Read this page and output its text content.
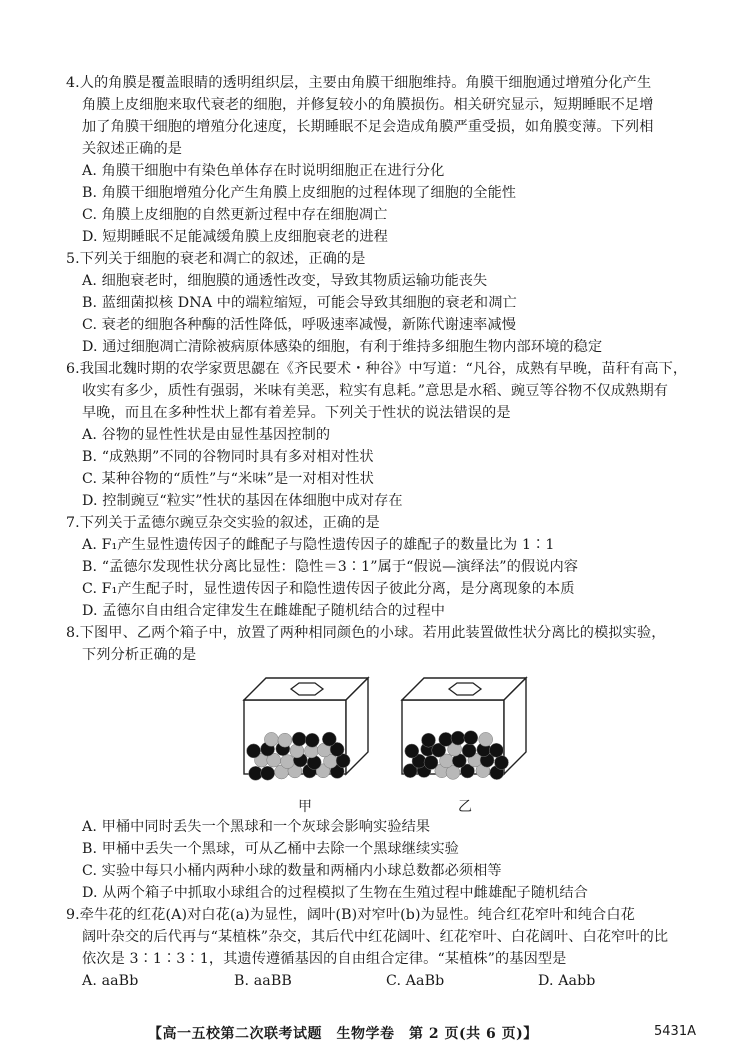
4.人的角膜是覆盖眼睛的透明组织层，主要由角膜干细胞维持。角膜干细胞通过增殖分化产生
角膜上皮细胞来取代衰老的细胞，并修复较小的角膜损伤。相关研究显示，短期睡眠不足增
加了角膜干细胞的增殖分化速度，长期睡眠不足会造成角膜严重受损，如角膜变薄。下列相
关叙述正确的是
A. 角膜干细胞中有染色单体存在时说明细胞正在进行分化
B. 角膜干细胞增殖分化产生角膜上皮细胞的过程体现了细胞的全能性
C. 角膜上皮细胞的自然更新过程中存在细胞凋亡
D. 短期睡眠不足能减缓角膜上皮细胞衰老的进程
5.下列关于细胞的衰老和凋亡的叙述，正确的是
A. 细胞衰老时，细胞膜的通透性改变，导致其物质运输功能丧失
B. 蓝细菌拟核 DNA 中的端粒缩短，可能会导致其细胞的衰老和凋亡
C. 衰老的细胞各种酶的活性降低，呼吸速率减慢，新陈代谢速率减慢
D. 通过细胞凋亡清除被病原体感染的细胞，有利于维持多细胞生物内部环境的稳定
6.我国北魏时期的农学家贾思勰在《齐民要术・种谷》中写道：“凡谷，成熟有早晚，苗秆有高下，
收实有多少，质性有强弱，米味有美恶，粒实有息耗。”意思是水稻、豌豆等谷物不仅成熟期有
早晚，而且在多种性状上都有着差异。下列关于性状的说法错误的是
A. 谷物的显性性状是由显性基因控制的
B. “成熟期”不同的谷物同时具有多对相对性状
C. 某种谷物的“质性”与“米味”是一对相对性状
D. 控制豌豆“粒实”性状的基因在体细胞中成对存在
7.下列关于孟德尔豌豆杂交实验的叙述，正确的是
A. F₁产生显性遗传因子的雌配子与隐性遗传因子的雄配子的数量比为 1∶1
B. “孟德尔发现性状分离比显性：隐性＝3∶1”属于“假说—演绎法”的假说内容
C. F₁产生配子时，显性遗传因子和隐性遗传因子彼此分离，是分离现象的本质
D. 孟德尔自由组合定律发生在雌雄配子随机结合的过程中
8.下图甲、乙两个箱子中，放置了两种相同颜色的小球。若用此装置做性状分离比的模拟实验，
下列分析正确的是
甲	乙
A. 甲桶中同时丢失一个黑球和一个灰球会影响实验结果
B. 甲桶中丢失一个黑球，可从乙桶中去除一个黑球继续实验
C. 实验中每只小桶内两种小球的数量和两桶内小球总数都必须相等
D. 从两个箱子中抓取小球组合的过程模拟了生物在生殖过程中雌雄配子随机结合
9.牵牛花的红花(A)对白花(a)为显性，阔叶(B)对窄叶(b)为显性。纯合红花窄叶和纯合白花
阔叶杂交的后代再与“某植株”杂交，其后代中红花阔叶、红花窄叶、白花阔叶、白花窄叶的比
依次是 3∶1∶3∶1，其遗传遵循基因的自由组合定律。“某植株”的基因型是
A. aaBb	B. aaBB	C. AaBb	D. Aabb
【高一五校第二次联考试题　生物学卷　第 2 页(共 6 页)】	5431A
